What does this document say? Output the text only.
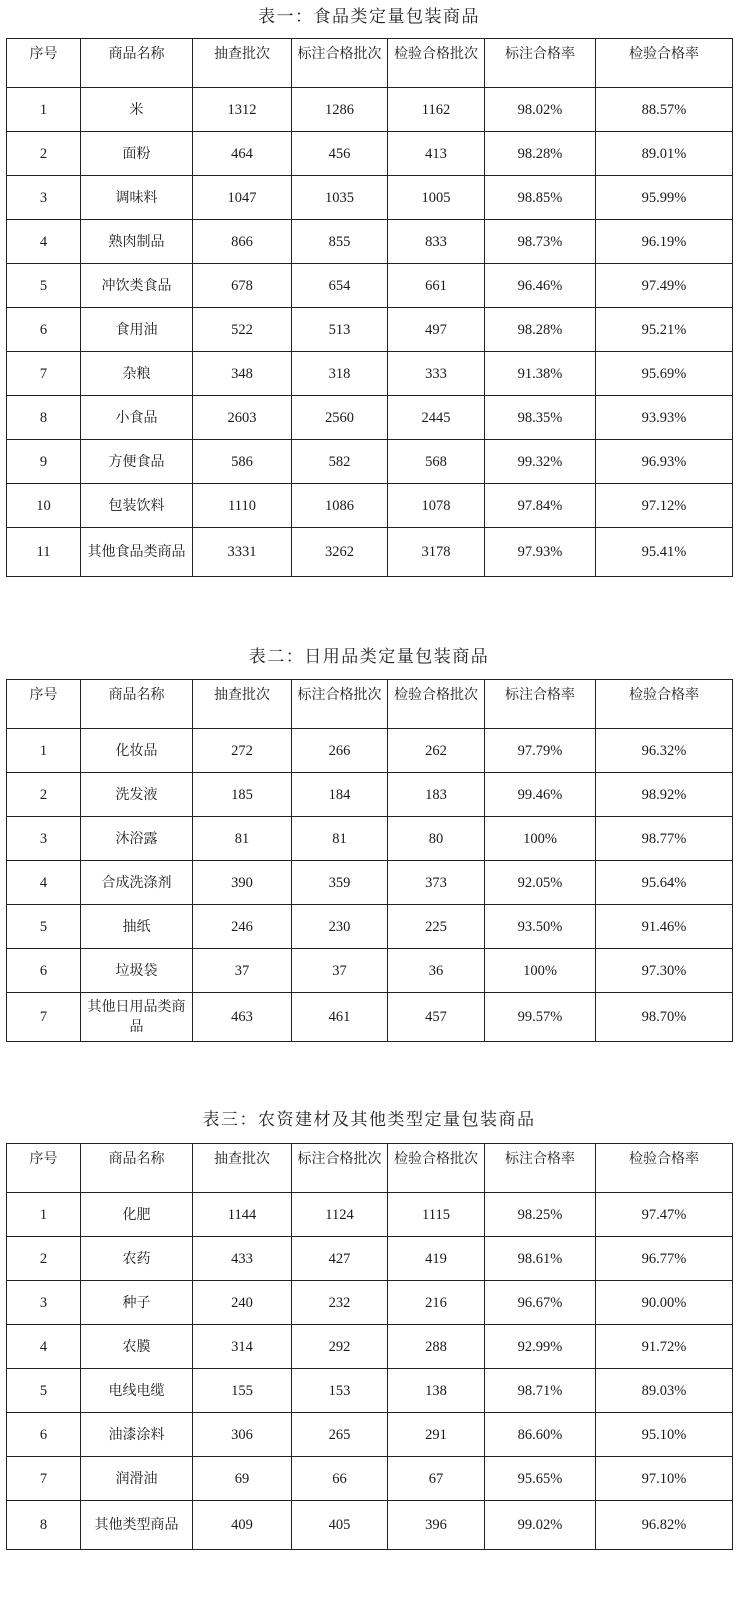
表一：食品类定量包装商品
序号	商品名称	抽查批次	标注合格批次	检验合格批次	标注合格率	检验合格率
1	米	1312	1286	1162	98.02%	88.57%
2	面粉	464	456	413	98.28%	89.01%
3	调味料	1047	1035	1005	98.85%	95.99%
4	熟肉制品	866	855	833	98.73%	96.19%
5	冲饮类食品	678	654	661	96.46%	97.49%
6	食用油	522	513	497	98.28%	95.21%
7	杂粮	348	318	333	91.38%	95.69%
8	小食品	2603	2560	2445	98.35%	93.93%
9	方便食品	586	582	568	99.32%	96.93%
10	包装饮料	1110	1086	1078	97.84%	97.12%
11	其他食品类商品	3331	3262	3178	97.93%	95.41%
表二：日用品类定量包装商品
序号	商品名称	抽查批次	标注合格批次	检验合格批次	标注合格率	检验合格率
1	化妆品	272	266	262	97.79%	96.32%
2	洗发液	185	184	183	99.46%	98.92%
3	沐浴露	81	81	80	100%	98.77%
4	合成洗涤剂	390	359	373	92.05%	95.64%
5	抽纸	246	230	225	93.50%	91.46%
6	垃圾袋	37	37	36	100%	97.30%
7	其他日用品类商品	463	461	457	99.57%	98.70%
表三：农资建材及其他类型定量包装商品
序号	商品名称	抽查批次	标注合格批次	检验合格批次	标注合格率	检验合格率
1	化肥	1144	1124	1115	98.25%	97.47%
2	农药	433	427	419	98.61%	96.77%
3	种子	240	232	216	96.67%	90.00%
4	农膜	314	292	288	92.99%	91.72%
5	电线电缆	155	153	138	98.71%	89.03%
6	油漆涂料	306	265	291	86.60%	95.10%
7	润滑油	69	66	67	95.65%	97.10%
8	其他类型商品	409	405	396	99.02%	96.82%
